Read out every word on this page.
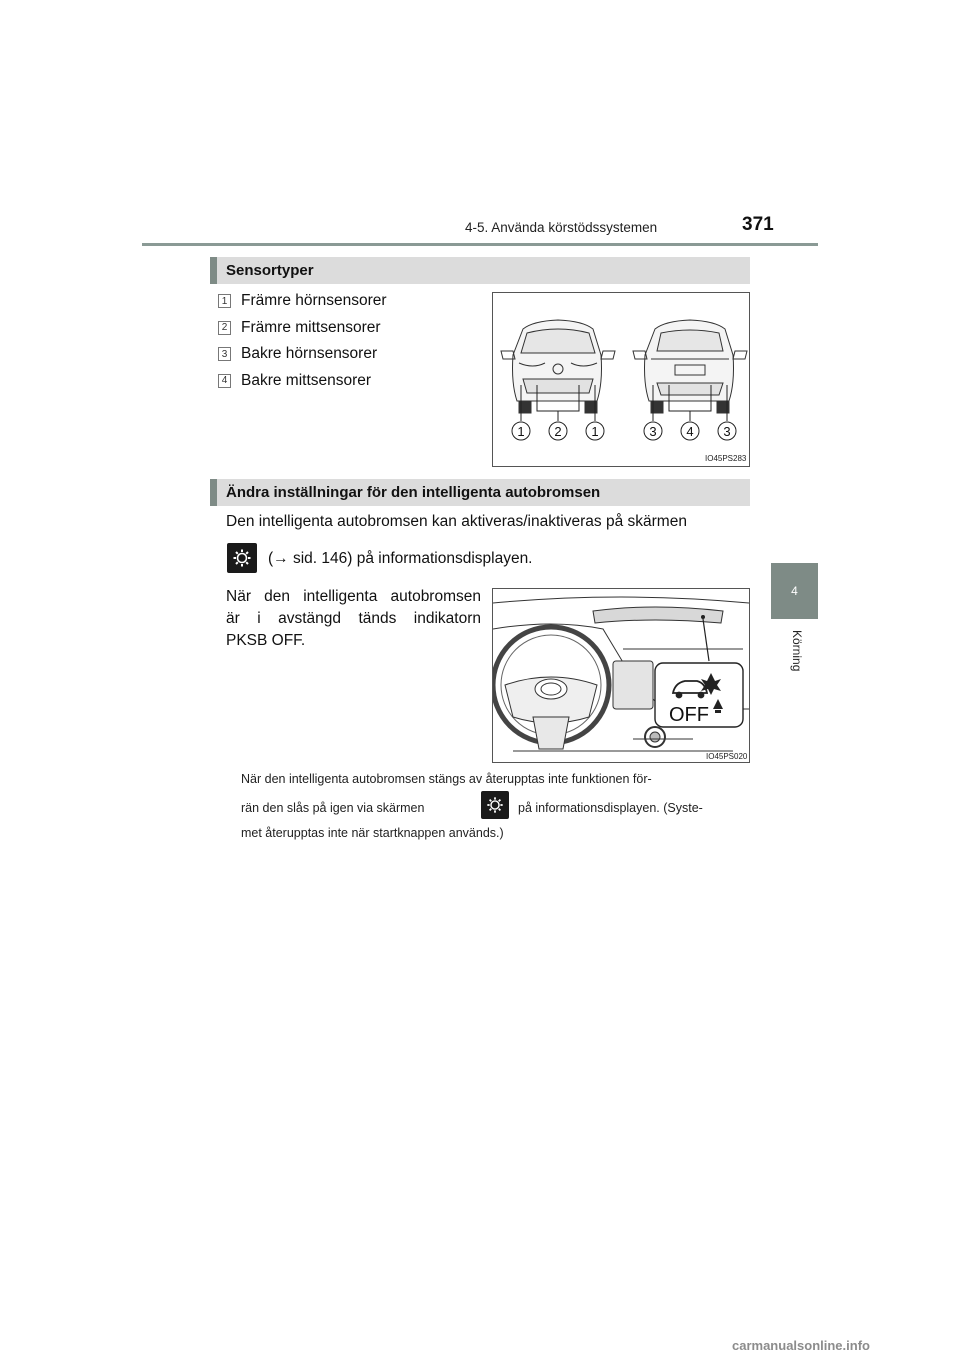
4-5. Använda körstödssystemen	371
4
Körning
Sensortyper
1 Främre hörnsensorer
2 Främre mittsensorer
3 Bakre hörnsensorer
4 Bakre mittsensorer
1 2 1	3 4 3
IO45PS283
Ändra inställningar för den intelligenta autobromsen
Den intelligenta autobromsen kan aktiveras/inaktiveras på skärmen
(→ sid. 146) på informationsdisplayen.
När den intelligenta autobromsen
är i avstängd tänds indikatorn
PKSB OFF.
OFF
IO45PS020
När den intelligenta autobromsen stängs av återupptas inte funktionen för-
rän den slås på igen via skärmen	på informationsdisplayen. (Syste-
met återupptas inte när startknappen används.)
carmanualsonline.info
